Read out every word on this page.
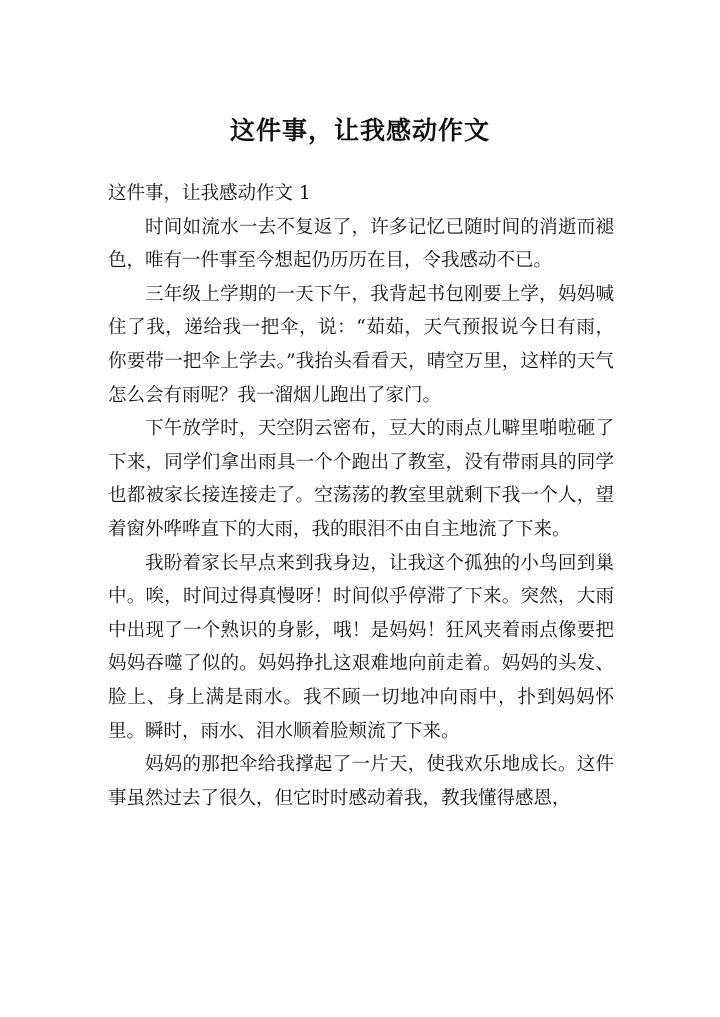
这件事，让我感动作文

这件事，让我感动作文 1

时间如流水一去不复返了，许多记忆已随时间的消逝而褪色，唯有一件事至今想起仍历历在目，令我感动不已。

三年级上学期的一天下午，我背起书包刚要上学，妈妈喊住了我，递给我一把伞，说：“茹茹，天气预报说今日有雨，你要带一把伞上学去。”我抬头看看天，晴空万里，这样的天气怎么会有雨呢？我一溜烟儿跑出了家门。

下午放学时，天空阴云密布，豆大的雨点儿噼里啪啦砸了下来，同学们拿出雨具一个个跑出了教室，没有带雨具的同学也都被家长接连接走了。空荡荡的教室里就剩下我一个人，望着窗外哗哗直下的大雨，我的眼泪不由自主地流了下来。

我盼着家长早点来到我身边，让我这个孤独的小鸟回到巢中。唉，时间过得真慢呀！时间似乎停滞了下来。突然，大雨中出现了一个熟识的身影，哦！是妈妈！狂风夹着雨点像要把妈妈吞噬了似的。妈妈挣扎这艰难地向前走着。妈妈的头发、脸上、身上满是雨水。我不顾一切地冲向雨中，扑到妈妈怀里。瞬时，雨水、泪水顺着脸颊流了下来。

妈妈的那把伞给我撑起了一片天，使我欢乐地成长。这件事虽然过去了很久，但它时时感动着我，教我懂得感恩，
